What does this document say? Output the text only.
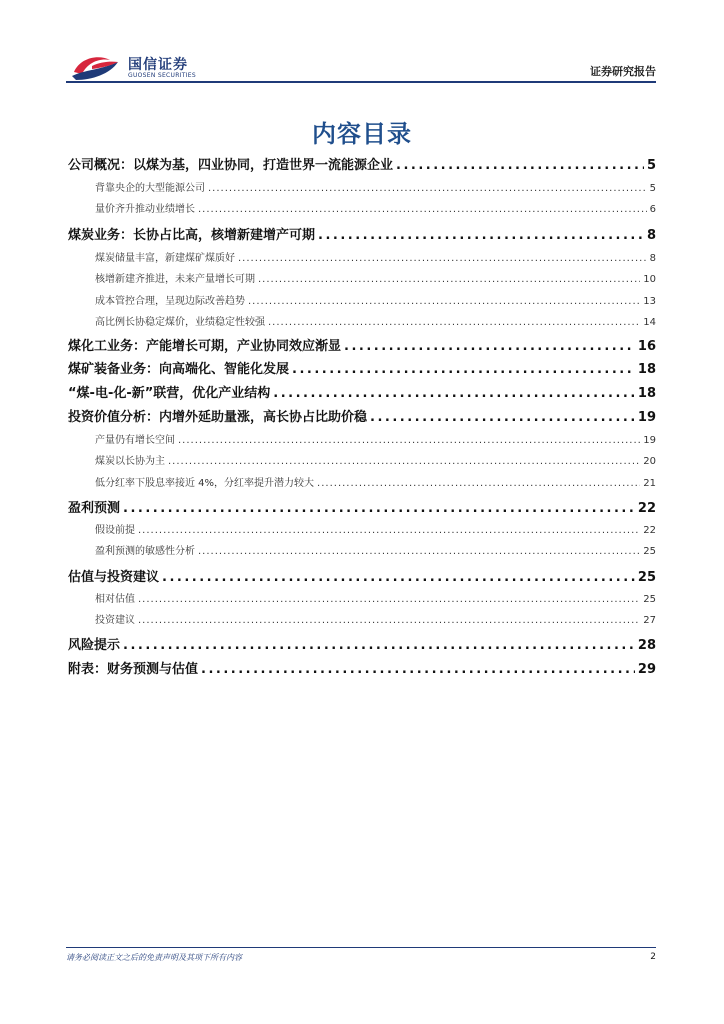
国信证券
GUOSEN SECURITIES	证券研究报告
内容目录
公司概况：以煤为基，四业协同，打造世界一流能源企业 .....	5
背靠央企的大型能源公司 .....	5
量价齐升推动业绩增长 .....	6
煤炭业务：长协占比高，核增新建增产可期 .....	8
煤炭储量丰富，新建煤矿煤质好 .....	8
核增新建齐推进，未来产量增长可期 .....	10
成本管控合理，呈现边际改善趋势 .....	13
高比例长协稳定煤价，业绩稳定性较强 .....	14
煤化工业务：产能增长可期，产业协同效应渐显 .....	16
煤矿装备业务：向高端化、智能化发展 .....	18
“煤-电-化-新”联营，优化产业结构 .....	18
投资价值分析：内增外延助量涨，高长协占比助价稳 .....	19
产量仍有增长空间 .....	19
煤炭以长协为主 .....	20
低分红率下股息率接近 4%，分红率提升潜力较大 .....	21
盈利预测 .....	22
假设前提 .....	22
盈利预测的敏感性分析 .....	25
估值与投资建议 .....	25
相对估值 .....	25
投资建议 .....	27
风险提示 .....	28
附表：财务预测与估值 .....	29
请务必阅读正文之后的免责声明及其项下所有内容	2
